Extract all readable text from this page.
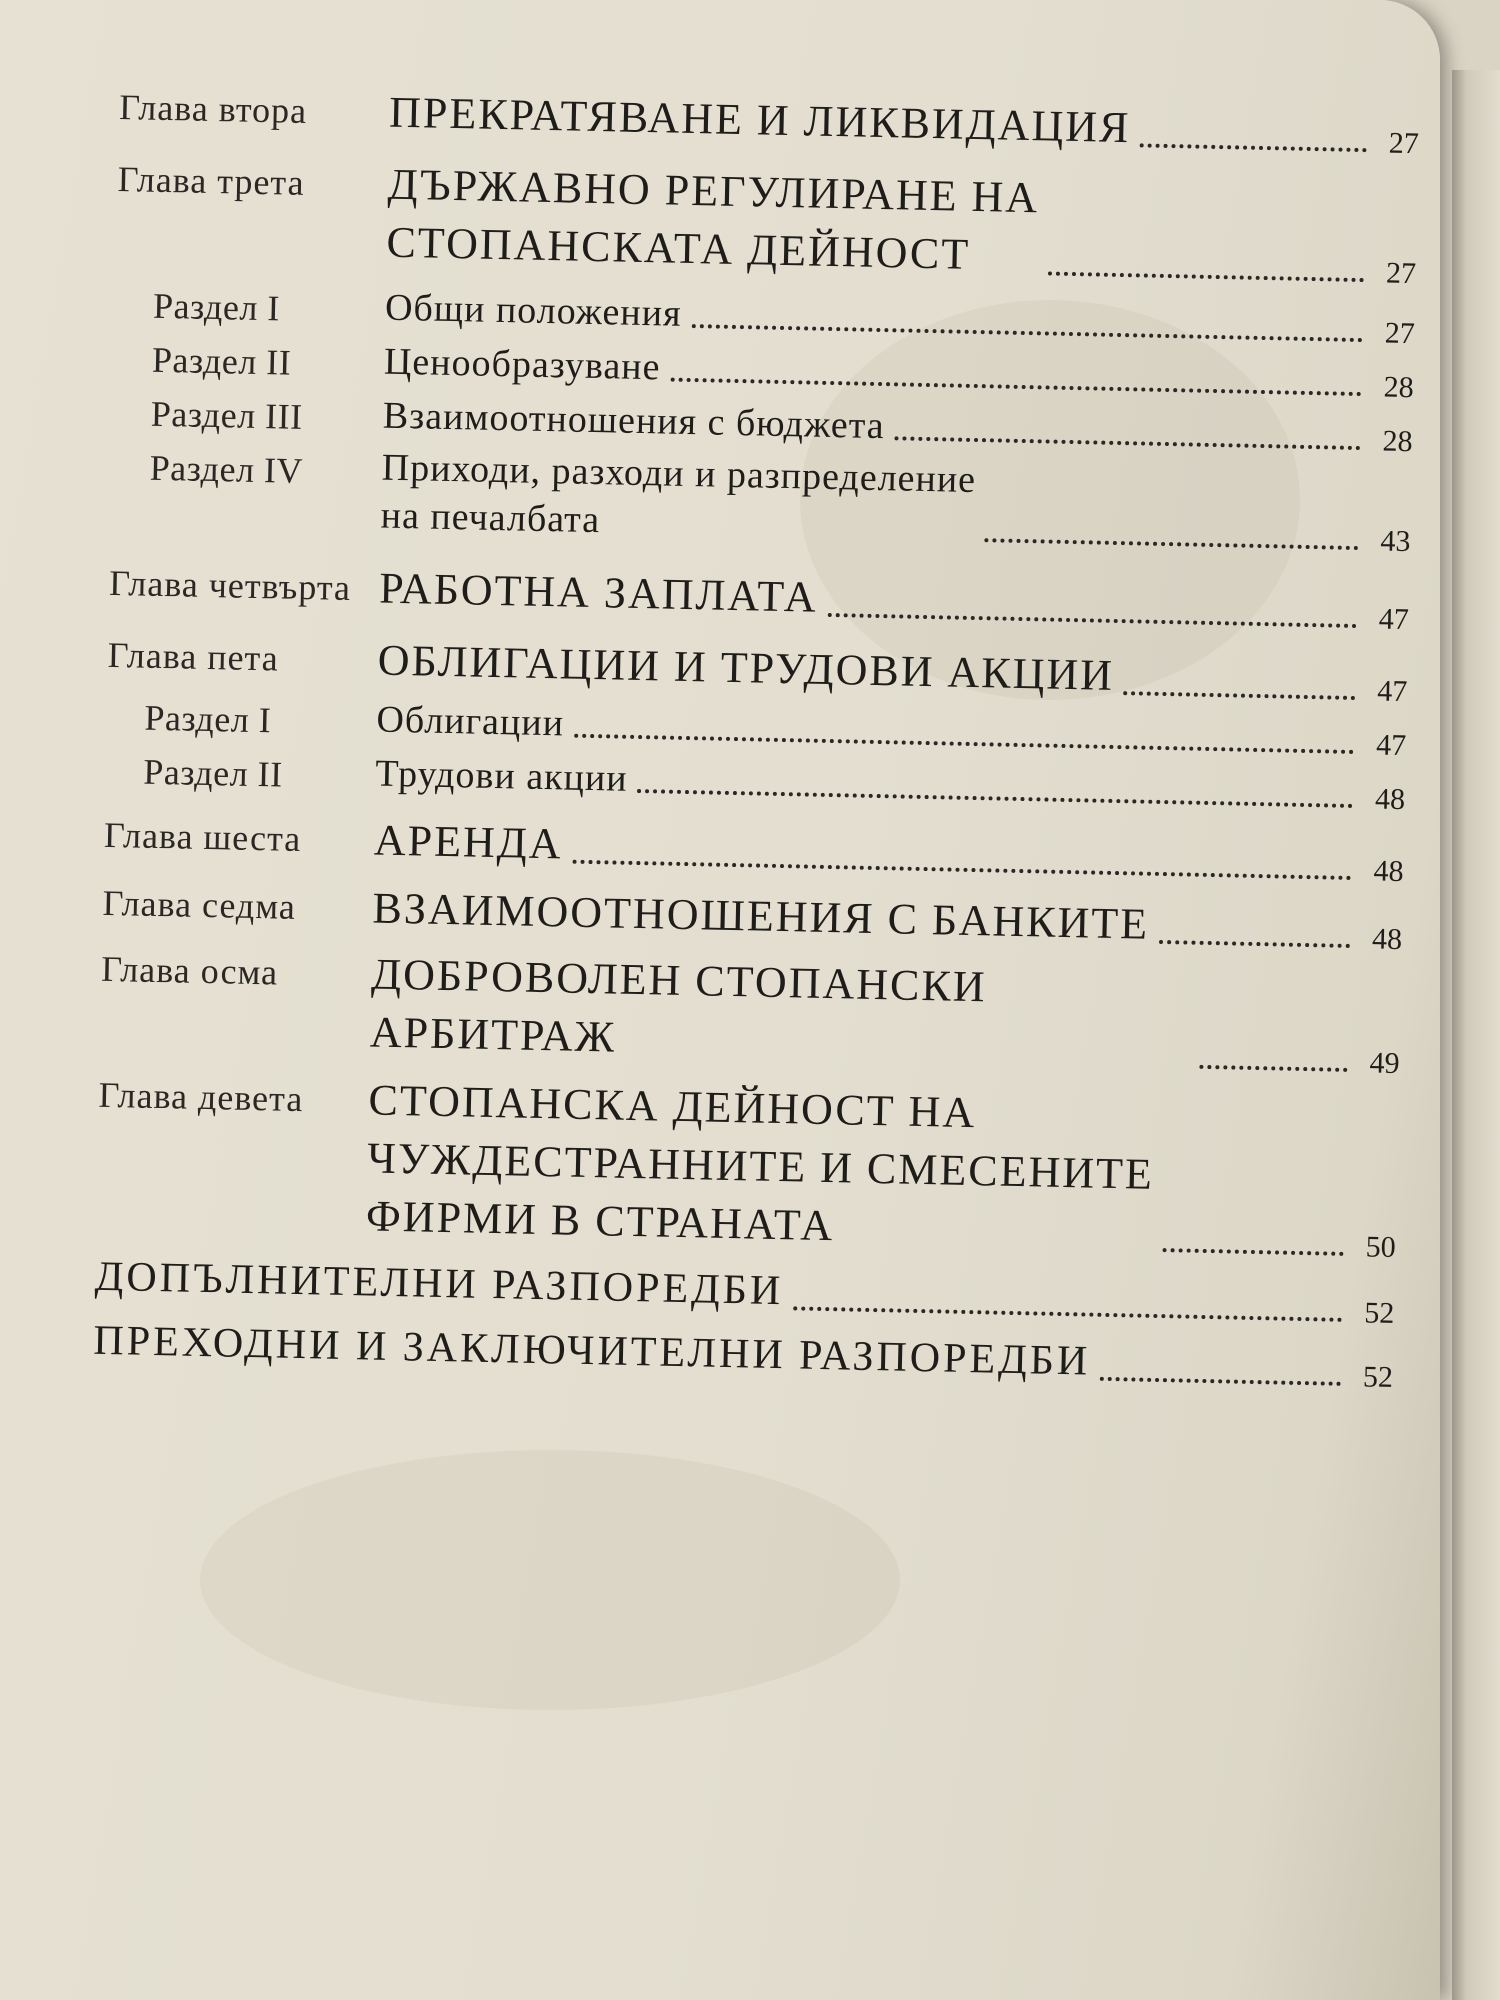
Глава втора	ПРЕКРАТЯВАНЕ И ЛИКВИДАЦИЯ	27
Глава трета	ДЪРЖАВНО РЕГУЛИРАНЕ НА
СТОПАНСКАТА ДЕЙНОСТ	27
Раздел I	Общи положения	27
Раздел II	Ценообразуване	28
Раздел III	Взаимоотношения с бюджета	28
Раздел IV	Приходи, разходи и разпределение
на печалбата
43
Глава четвърта РАБОТНА ЗАПЛАТА	47
Глава пета	ОБЛИГАЦИИ И ТРУДОВИ АКЦИИ	47
Раздел I	Облигации
47
Раздел II	Трудови акции	48
Глава шеста	АРЕНДА
48
Глава седма	ВЗАИМООТНОШЕНИЯ С БАНКИТЕ	48
Глава осма	ДОБРОВОЛЕН СТОПАНСКИ АРБИТРАЖ
49
Глава девета	СТОПАНСКА ДЕЙНОСТ НА
ЧУЖДЕСТРАННИТЕ И СМЕСЕНИТЕ
ФИРМИ В СТРАНАТА	50
ДОПЪЛНИТЕЛНИ РАЗПОРЕДБИ	52
ПРЕХОДНИ И ЗАКЛЮЧИТЕЛНИ РАЗПОРЕДБИ	52
